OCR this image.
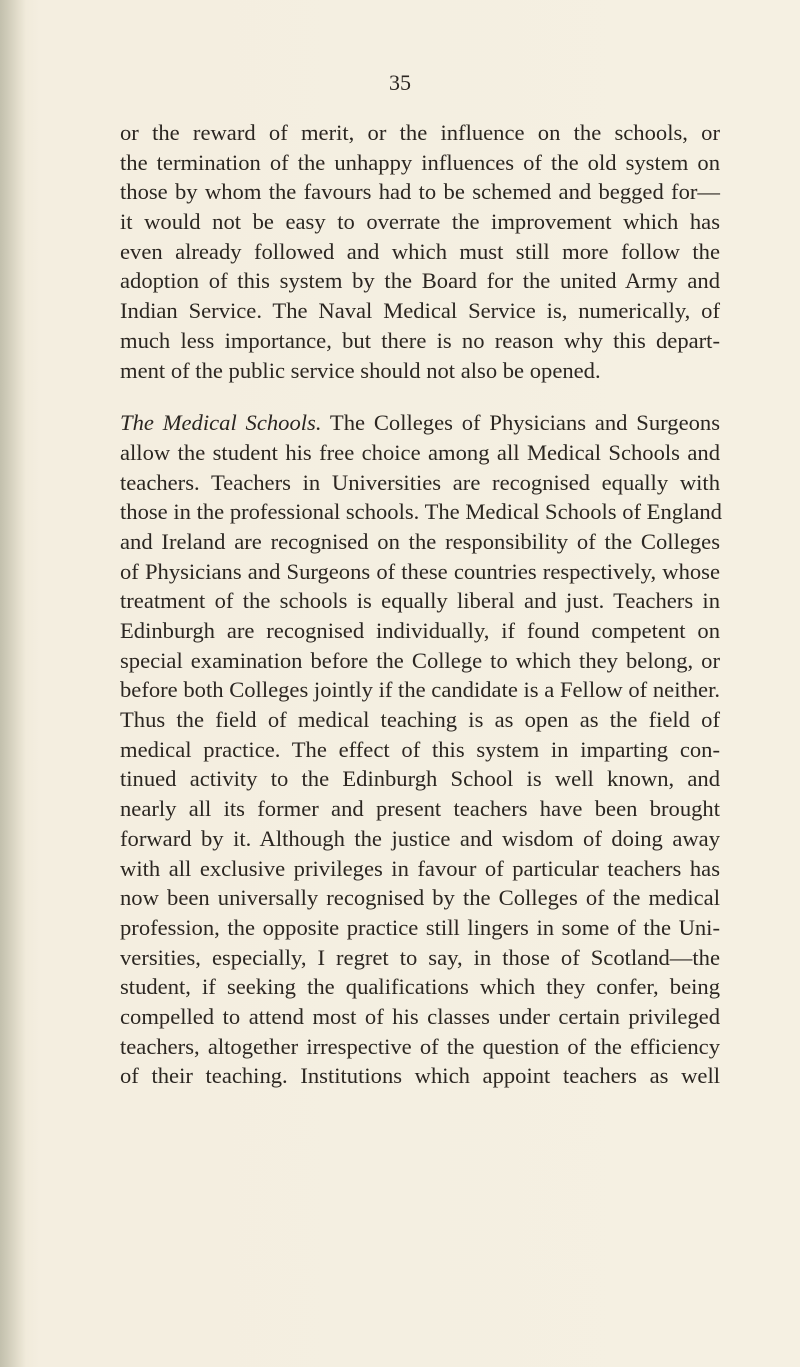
35

or the reward of merit, or the influence on the schools, or
the termination of the unhappy influences of the old system on
those by whom the favours had to be schemed and begged for—
it would not be easy to overrate the improvement which has
even already followed and which must still more follow the
adoption of this system by the Board for the united Army and
Indian Service. The Naval Medical Service is, numerically, of
much less importance, but there is no reason why this depart-
ment of the public service should not also be opened.
The Medical Schools. The Colleges of Physicians and Surgeons
allow the student his free choice among all Medical Schools and
teachers. Teachers in Universities are recognised equally with
those in the professional schools. The Medical Schools of England
and Ireland are recognised on the responsibility of the Colleges
of Physicians and Surgeons of these countries respectively, whose
treatment of the schools is equally liberal and just. Teachers in
Edinburgh are recognised individually, if found competent on
special examination before the College to which they belong, or
before both Colleges jointly if the candidate is a Fellow of neither.
Thus the field of medical teaching is as open as the field of
medical practice. The effect of this system in imparting con-
tinued activity to the Edinburgh School is well known, and
nearly all its former and present teachers have been brought
forward by it. Although the justice and wisdom of doing away
with all exclusive privileges in favour of particular teachers has
now been universally recognised by the Colleges of the medical
profession, the opposite practice still lingers in some of the Uni-
versities, especially, I regret to say, in those of Scotland—the
student, if seeking the qualifications which they confer, being
compelled to attend most of his classes under certain privileged
teachers, altogether irrespective of the question of the efficiency
of their teaching. Institutions which appoint teachers as well
